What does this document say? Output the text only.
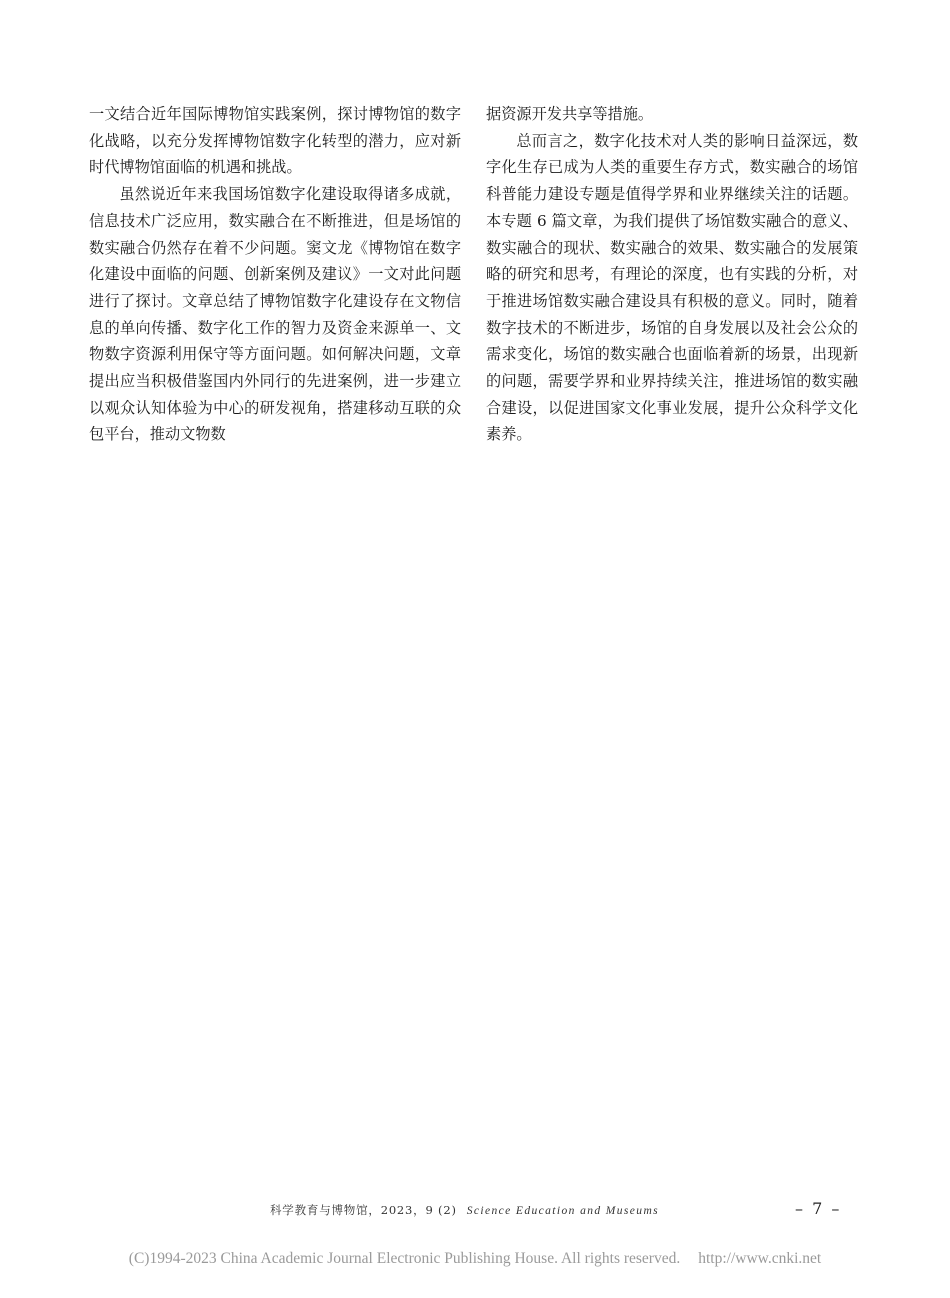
一文结合近年国际博物馆实践案例，探讨博物馆的数字化战略，以充分发挥博物馆数字化转型的潜力，应对新时代博物馆面临的机遇和挑战。

虽然说近年来我国场馆数字化建设取得诸多成就，信息技术广泛应用，数实融合在不断推进，但是场馆的数实融合仍然存在着不少问题。窦文龙《博物馆在数字化建设中面临的问题、创新案例及建议》一文对此问题进行了探讨。文章总结了博物馆数字化建设存在文物信息的单向传播、数字化工作的智力及资金来源单一、文物数字资源利用保守等方面问题。如何解决问题，文章提出应当积极借鉴国内外同行的先进案例，进一步建立以观众认知体验为中心的研发视角，搭建移动互联的众包平台，推动文物数

据资源开发共享等措施。

总而言之，数字化技术对人类的影响日益深远，数字化生存已成为人类的重要生存方式，数实融合的场馆科普能力建设专题是值得学界和业界继续关注的话题。本专题 6 篇文章，为我们提供了场馆数实融合的意义、数实融合的现状、数实融合的效果、数实融合的发展策略的研究和思考，有理论的深度，也有实践的分析，对于推进场馆数实融合建设具有积极的意义。同时，随着数字技术的不断进步，场馆的自身发展以及社会公众的需求变化，场馆的数实融合也面临着新的场景，出现新的问题，需要学界和业界持续关注，推进场馆的数实融合建设，以促进国家文化事业发展，提升公众科学文化素养。

科学教育与博物馆，2023，9 (2) Science Education and Museums	– 7 –
(C)1994-2023 China Academic Journal Electronic Publishing House. All rights reserved. http://www.cnki.net
